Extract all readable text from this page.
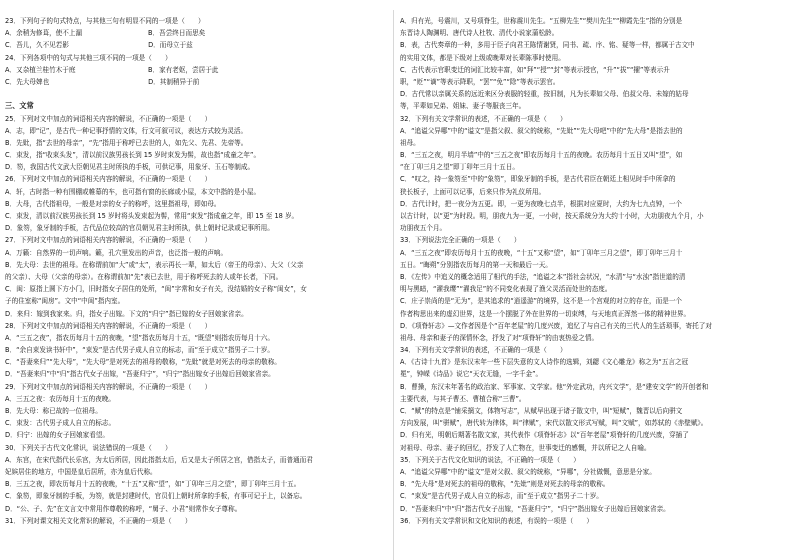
23．下列句子的句式特点，与其他三句有明显不同的一项是（　　）
A．余稍为修葺，使不上漏　　　　　　　　　　B．吾尝终日而思矣
C．吾儿，久不见若影　　　　　　　　　　　　D．而母立于兹
24．下列各项中的句式与其他三项不同的一项是（　　）
A．又杂植兰桂竹木于庭　　　　　　　　　　　B．家有老妪，尝居于此
C．先大母婢也　　　　　　　　　　　　　　　D．其制稍异于前
三、文常
25．下列对文中加点的词语相关内容的解说，不正确的一项是（　　）
A．志，即“记”，是古代一种记事抒情的文体，行文可叙可议，表达方式较为灵活。
B．先妣，指“去世的母亲”，“先”指用于称呼已去世的人，如先父、先君、先帝等。
C．束发，指“收束头发”，清以前汉族男孩长到 15 岁时束发为髻，故也指“成童之年”。
D．笏，我国古代文武大臣朝见君主时所执的手板，可供记事，用象牙、玉石等制成。
26．下列对文中加点的词语相关内容的解说，不正确的一项是（　　）
A．轩，古时指一种有围棚或帷幕的车，也可指有窗的长廊或小屋，本文中指的是小屋。
B．大母，古代指祖母，一般是对亲的女子的称呼，这里指祖母，即如母。
C．束发，清以前汉族男孩长到 15 岁时将头发束起为髻，常用“束发”指成童之年，即 15 至 18 岁。
D．象笏，象牙制的手板，古代品位较高的官员朝见君主时所执，供上朝时记录或记事所用。
27．下列对文中加点的词语相关内容的解说，不正确的一项是（　　）
A．万籁：自然界的一切声响。籁，孔穴里发出的声音，也泛指一般的声响。
B．先大母：去世的祖母。在称谓前加“大”或“太”，表示再长一辈，如太后（帝王的母亲）、大父（父亲
的父亲）、大母（父亲的母亲）。在称谓前加“先”表已去世，用于称呼死去的人或年长者，下同。
C．闺：原指上圆下方小门，旧时指女子居住的处所，“闺”字常和女子有关，没结婚的女子称“闺女”，女
子的住室称“闺房”。文中“中闺”指内室。
D．来归：嫁到我家来。归，指女子出嫁。下文的“归宁”指已嫁的女子回娘家省亲。
28．下列对文中加点的词语相关内容的解说，不正确的一项是（　　）
A．“三五之夜”，指农历每月十五的夜晚，“望”指农历每月十五，“既望”则指农历每月十六。
B．“余自束发读书轩中”，“束发”是古代男子成人自立的标志，而“至于成立”指男子二十岁。
C．“吾妻来归”“先大母”，“先大母”是对死去的祖母的敬称，“先妣”就是对死去的母亲的敬称。
D．“吾妻来归”中“归”指古代女子出嫁，“吾妻归宁”，“归宁”指出嫁女子出嫁后回娘家省亲。
29．下列对文中加点的词语相关内容的解说，不正确的一项是（　　）
A．三五之夜：农历每月十五的夜晚。
B．先大母：称已故的一位祖母。
C．束发：古代男子成人自立的标志。
D．归宁：出嫁的女子回娘家看望。
30．下列关于古代文化常识，说法错误的一项是（　　）
A．东宫，在宋代指代长乐宫，为太后所居，因此指指太后，后又是太子所居之宫，借指太子，而普通而君
妃嫔居住的地方，中国是皇后居所，亦为皇后代称。
B．三五之夜，即农历每月十五的夜晚，“十五”又称“望”，如“丁卯年三月之望”，即丁卯年三月十五。
C．象笏，即象牙制的手板，为笏，就是封建时代，官员们上朝时所拿的手板，有事可记于上，以备忘。
D．“公、子、先”在文言文中常用作尊敬的称呼，“舅子、小君”则常作女子尊称。
31．下列对课文相关文化常识的解说，不正确的一项是（　　）
A．归有光，号震川，又号项脊生，世称震川先生。“五柳先生”“樊川先生”“柳霞先生”指的分别是
东晋诗人陶渊明、唐代诗人杜牧、清代小说家蒲松龄。
B．表，古代奏章的一种，多用于臣子向君王陈情谢贤，同书、疏、序、铭、疑等一样，都属于古文中
的实用文体，都是下级对上级或晚辈对长辈陈事时使用。
C．古代表示官职变迁的词汇比较丰富，如“拜”“授”“封”等表示授官，“升”“拔”“擢”等表示升
职，“贬”“谪”等表示降职，“罢”“免”“除”等表示罢官。
D．古代常以亲属关系的远近来区分表服的轻重，按旧制，凡为长辈如父母、伯叔父母、未嫁的姑母
等，平辈如兄弟、姐妹、妻子等服丧三年。
32．下列有关文学常识的表述，不正确的一项是（　　）
A．“追谥父异哪”中的“谥文”是指父叙、叙父的统称，“先妣”“先大母吧”中的“先大母”是指去世的
祖母。
B．“三五之夜，明月半墙”中的“三五之夜”即农历每月十五的夜晚。农历每月十五日又叫“望”，如
“在丁卯三月之望”即丁卯年三月十五日。
C．“叹之，持一象笏至”中的“象笏”，即象牙制的手板，是古代君臣在朝廷上相见时手中所拿的
狭长板子，上面可以记事，后来只作为礼仪所用。
D．古代计时，把一夜分为五更。即，一更为夜晚七点半，根据对应夏时，大约为七九点钟，一个
以古计时，以“更”为时段。明，朋夜九为一更，一小时，按天系统分为大约十小时，大功朋夜九个月，小
功朋夜五个月。
33．下列说法完全正确的一项是（　　）
A．“三五之夜”即农历每月十五的夜晚，“十五”又称“望”，如“丁卯年三月之望”，即丁卯年三月十
五日。“晦朔”分别指农历每月的第一天和最后一天。
B．《左传》中追义的概念适用了相代的手法，“追谥之本”指社会状况，“水清”与“水浊”指世道的清
明与黑暗，“濯我缨”“濯我足”的不同变化表现了渔父灵活而处世的态度。
C．庄子崇尚的是“无为”，是其追求的“逍遥游”的境界，这不是一个宫观的对立的存在，而是一个
作者构思出来的虚幻世界，这是一个摆脱了外在世界的一切束缚，与天地真正浑然一体的精神世界。
D．《项脊轩志》—文作者因是个“百年老屋”的几度兴废，追忆了与自己有关的三代人的生活琐事，寄托了对
祖母、母亲和妻子的深情怀念，抒发了对“项脊轩”的由衷热爱之情。
34．下列有关文学常识的表述，不正确的一项是（　　）
A．《古诗十九首》是东汉末年一些下层失意的文人诗作的选辑，刘勰《文心雕龙》称之为“五言之冠
冕”，钟嵘《诗品》说它“天衣无缝，一字千金”。
B．曹操，东汉末年著名的政治家、军事家、文学家。他“外定武功，内兴文学”，是“建安文学”的开创者和
主要代表，与其子曹丕、曹植合称“三曹”。
C．“赋”的特点是“铺采摛文，体物写志”，从赋早出现于诸子散文中，叫“短赋”，魏晋以后向骈文
方向发展，叫“骈赋”，唐代转为律体，叫“律赋”，宋代以散文形式写赋，叫“文赋”，如苏轼的《赤壁赋》。
D．归有光，明朝后期著名散文家，其代表作《项脊轩志》以“百年老屋”项脊轩的几度兴废，穿插了
对祖母、母亲、妻子的回忆，抒发了人亡物在，世事变迁的感慨，并以所记之人自喻。
35．下列关于古代文化知识的说法，不正确的一项是（　　）
A．“追谥父异哪”中的“谥文”是对父叙、叙父的统称，“异哪”，分社做慨，意思是分家。
B．“先大母”是对死去的祖母的敬称，“先妣”则是对死去的母亲的敬称。
C．“束发”是古代男子成人自立的标志，而“至于成立”指男子二十岁。
D．“吾妻来归”中“归”指古代女子出嫁，“吾妻归宁”，“归宁”指出嫁女子出嫁后回娘家省亲。
36．下列有关文学常识和文化知识的表述，有误的一项是（　　）
